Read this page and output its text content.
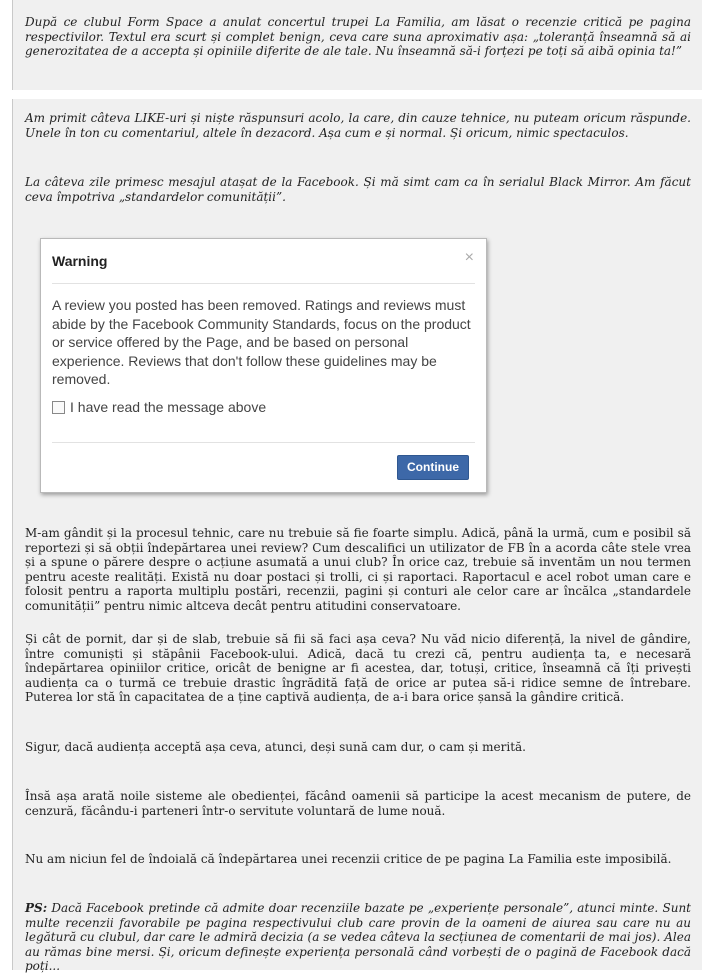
După ce clubul Form Space a anulat concertul trupei La Familia, am lăsat o recenzie critică pe pagina respectivilor. Textul era scurt și complet benign, ceva care suna aproximativ așa: „toleranță înseamnă să ai generozitatea de a accepta și opiniile diferite de ale tale. Nu înseamnă să-i forțezi pe toți să aibă opinia ta!”

Am primit câteva LIKE-uri și niște răspunsuri acolo, la care, din cauze tehnice, nu puteam oricum răspunde. Unele în ton cu comentariul, altele în dezacord. Așa cum e și normal. Și oricum, nimic spectaculos.

La câteva zile primesc mesajul atașat de la Facebook. Și mă simt cam ca în serialul Black Mirror. Am făcut ceva împotriva „standardelor comunității”.

M-am gândit și la procesul tehnic, care nu trebuie să fie foarte simplu. Adică, până la urmă, cum e posibil să reportezi și să obții îndepărtarea unei review? Cum descalifici un utilizator de FB în a acorda câte stele vrea și a spune o părere despre o acțiune asumată a unui club? În orice caz, trebuie să inventăm un nou termen pentru aceste realități. Există nu doar postaci și trolli, ci și raportaci. Raportacul e acel robot uman care e folosit pentru a raporta multiplu postări, recenzii, pagini și conturi ale celor care ar încălca „standardele comunității” pentru nimic altceva decât pentru atitudini conservatoare.

Și cât de pornit, dar și de slab, trebuie să fii să faci așa ceva? Nu văd nicio diferență, la nivel de gândire, între comuniști și stăpânii Facebook-ului. Adică, dacă tu crezi că, pentru audiența ta, e necesară îndepărtarea opiniilor critice, oricât de benigne ar fi acestea, dar, totuși, critice, înseamnă că îți privești audiența ca o turmă ce trebuie drastic îngrădită față de orice ar putea să-i ridice semne de întrebare. Puterea lor stă în capacitatea de a ține captivă audiența, de a-i bara orice șansă la gândire critică.

Sigur, dacă audiența acceptă așa ceva, atunci, deși sună cam dur, o cam și merită.

Însă așa arată noile sisteme ale obedienței, făcând oamenii să participe la acest mecanism de putere, de cenzură, făcându-i parteneri într-o servitute voluntară de lume nouă.

Nu am niciun fel de îndoială că îndepărtarea unei recenzii critice de pe pagina La Familia este imposibilă.

PS: Dacă Facebook pretinde că admite doar recenziile bazate pe „experiențe personale”, atunci minte. Sunt multe recenzii favorabile pe pagina respectivului club care provin de la oameni de aiurea sau care nu au legătură cu clubul, dar care le admiră decizia (a se vedea câteva la secțiunea de comentarii de mai jos). Alea au rămas bine mersi. Și, oricum definește experiența personală când vorbești de o pagină de Facebook dacă poți...

Warning	×
A review you posted has been removed. Ratings and reviews must abide by the Facebook Community Standards, focus on the product or service offered by the Page, and be based on personal experience. Reviews that don't follow these guidelines may be removed.
I have read the message above
Continue
